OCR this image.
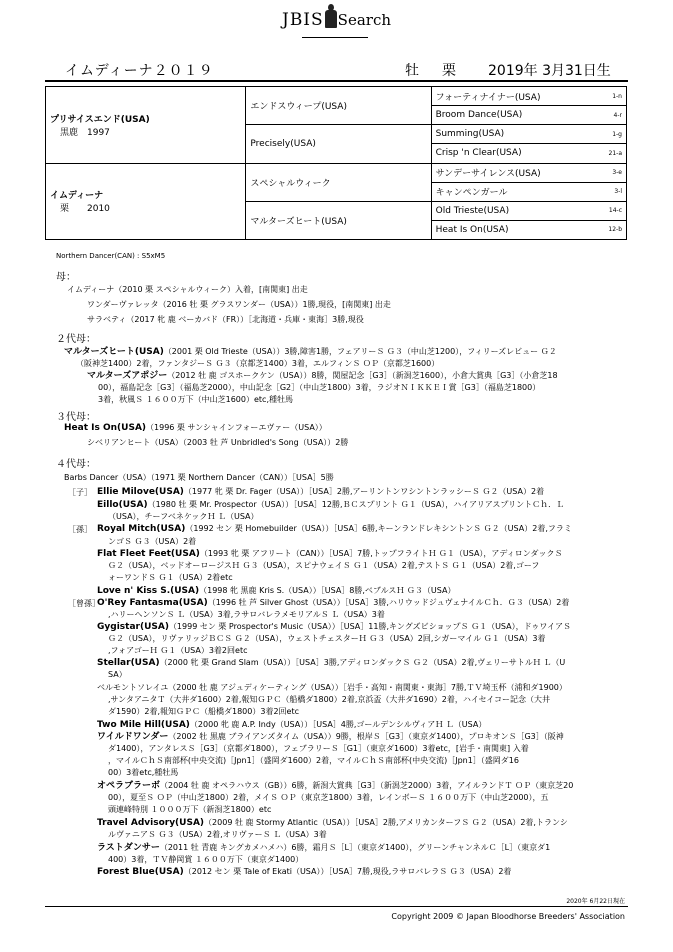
JBIS Search
イムディーナ２０１９	牡 栗 2019年 3月31日生
プリサイスエンド(USA)
黒鹿　1997	エンドスウィープ(USA)	フォーティナイナー(USA)	1-n
		Broom Dance(USA)	4-r
	Precisely(USA)	Summing(USA)	1-g
		Crisp 'n Clear(USA)	21-a
イムディーナ
栗　　2010	スペシャルウィーク	サンデーサイレンス(USA)	3-e
		キャンペンガール	3-l
	マルターズヒート(USA)	Old Trieste(USA)	14-c
		Heat Is On(USA)	12-b
Northern Dancer(CAN) : S5xM5
母：
２代母：
３代母：
４代母：
［子］
［孫］
［曾孫］
イムディーナ（2010 栗 スペシャルウィーク）入着，[南関東] 出走
ワンダーヴァレッタ（2016 牡 栗 グラスワンダー（USA））1勝,現役，[南関東] 出走
サラベティ（2017 牝 鹿 ベーカバド（FR））［北海道・兵庫・東海］3勝,現役
マルターズヒート(USA)（2001 栗 Old Trieste（USA））3勝,障害1勝，フェアリーＳ Ｇ３（中山芝1200），フィリーズレビュー Ｇ２
（阪神芝1400）2着，ファンタジーＳ Ｇ３（京都芝1400）3着，エルフィンＳ ＯＰ（京都芝1600）
マルターズアポジー（2012 牡 鹿 ゴスホークケン（USA））8勝，関屋記念［G3］（新潟芝1600），小倉大賞典［G3］（小倉芝18
00），福島記念［G3］（福島芝2000），中山記念［G2］（中山芝1800）3着，ラジオＮＩＫＫＥＩ賞［G3］（福島芝1800）
3着，秋風Ｓ １６００万下（中山芝1600）etc,種牡馬
Heat Is On(USA)（1996 栗 サンシャインフォーエヴァー（USA））
シベリアンヒート（USA）（2003 牡 芦 Unbridled's Song（USA））2勝
Barbs Dancer（USA）（1971 栗 Northern Dancer（CAN））［USA］5勝
Ellie Milove(USA)（1977 牝 栗 Dr. Fager（USA））［USA］2勝,アーリントンワシントンラッシーＳ Ｇ２（USA）2着
Eillo(USA)（1980 牡 栗 Mr. Prospector（USA））［USA］12勝,ＢＣスプリント Ｇ１（USA），ハイアリアスプリントＣｈ．Ｌ
（USA），チーフベネケックＨ Ｌ（USA）
Royal Mitch(USA)（1992 セン 栗 Homebuilder（USA））［USA］6勝,キーンランドレキシントンＳ Ｇ２（USA）2着,フラミ
ンゴＳ Ｇ３（USA）2着
Flat Fleet Feet(USA)（1993 牝 栗 アフリート（CAN））［USA］7勝,トップフライトＨ Ｇ１（USA），アディロンダックＳ
Ｇ２（USA），ベッドオーロージスＨ Ｇ３（USA），スピナウェイＳ Ｇ１（USA）2着,テストＳ Ｇ１（USA）2着,ゴーフ
ォーワンドＳ Ｇ１（USA）2着etc
Love n' Kiss S.(USA)（1998 牝 黒鹿 Kris S.（USA））［USA］8勝,ベブルスＨ Ｇ３（USA）
O'Rey Fantasma(USA)（1996 牡 芦 Silver Ghost（USA））［USA］3勝,ハリウッドジュヴェナイルＣｈ．Ｇ３（USA）2着
,ハリーヘンソンＳ Ｌ（USA）3着,ラサロバレラメモリアルＳ Ｌ（USA）3着
Gygistar(USA)（1999 セン 栗 Prospector's Music（USA））［USA］11勝,キングズビショップＳ Ｇ１（USA），ドゥワイアＳ
Ｇ２（USA），リヴァリッジＢＣＳ Ｇ２（USA），ウェストチェスターＨ Ｇ３（USA）2回,シガーマイル Ｇ１（USA）3着
,フォアゴーＨ Ｇ１（USA）3着2回etc
Stellar(USA)（2000 牝 栗 Grand Slam（USA））［USA］3勝,アディロンダックＳ Ｇ２（USA）2着,ヴェリーサトルＨ Ｌ（U
SA）
ベルモントソレイユ（2000 牡 鹿 アジュディケーティング（USA））［岩手・高知・南関東・東海］7勝,ＴＶ埼玉杯（浦和ダ1900）
,サンタアニタＴ（大井ダ1600）2着,報知ＧＰＣ（船橋ダ1800）2着,京浜盃（大井ダ1690）2着，ハイセイコー記念（大井
ダ1590）2着,報知ＧＰＣ（船橋ダ1800）3着2回etc
Two Mile Hill(USA)（2000 牝 鹿 A.P. Indy（USA））［USA］4勝,ゴールデンシルヴィアＨ Ｌ（USA）
ワイルドワンダー（2002 牡 黒鹿 ブライアンズタイム（USA））9勝，根岸Ｓ［G3］（東京ダ1400），プロキオンＳ［G3］（阪神
ダ1400），アンタレスＳ［G3］（京都ダ1800），フェブラリーＳ［G1］（東京ダ1600）3着etc，[岩手・南関東] 入着
，マイルＣｈＳ南部杯(中央交流)［Jpn1］（盛岡ダ1600）2着，マイルＣｈＳ南部杯(中央交流)［Jpn1］（盛岡ダ16
00）3着etc,種牡馬
オペラブラーボ（2004 牡 鹿 オペラハウス（GB））6勝，新潟大賞典［G3］（新潟芝2000）3着，アイルランドＴ ＯＰ（東京芝20
00），夏至Ｓ ＯＰ（中山芝1800）2着，メイＳ ＯＰ（東京芝1800）3着，レインボーＳ １６００万下（中山芝2000），五
頭連峰特別 １０００万下（新潟芝1800）etc
Travel Advisory(USA)（2009 牡 鹿 Stormy Atlantic（USA））［USA］2勝,アメリカンターフＳ Ｇ２（USA）2着,トランシ
ルヴァニアＳ Ｇ３（USA）2着,オリヴァーＳ Ｌ（USA）3着
ラストダンサー（2011 牡 青鹿 キングカメハメハ）6勝，霜月Ｓ［L］（東京ダ1400），グリーンチャンネルＣ［L］（東京ダ1
400）3着，ＴＶ静岡賞 １６００万下（東京ダ1400）
Forest Blue(USA)（2012 セン 栗 Tale of Ekati（USA））［USA］7勝,現役,ラサロバレラＳ Ｇ３（USA）2着
2020年 6月22日現在
Copyright 2009 © Japan Bloodhorse Breeders' Association
